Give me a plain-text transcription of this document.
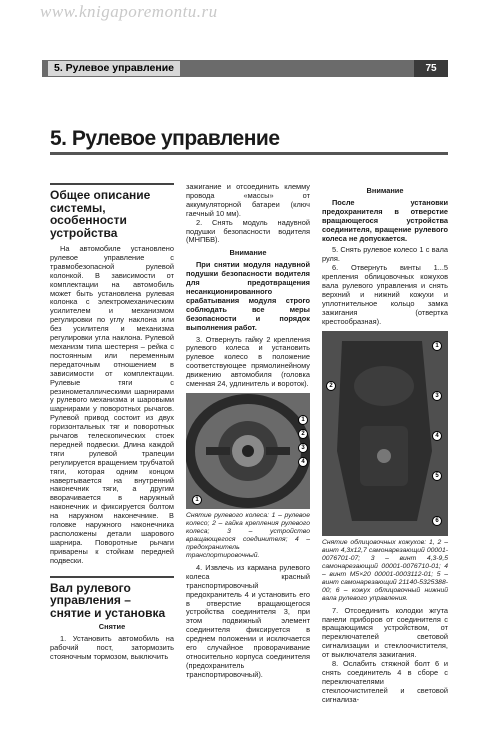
www.knigaporemontu.ru
5. Рулевое управление	75
5. Рулевое управление
Общее описание системы, особенности устройства

На автомобиле установлено рулевое управление с травмобезопасной рулевой колонкой. В зависимости от комплектации на автомобиль может быть установлена рулевая колонка с электромеханическим усилителем и механизмом регулировки по углу наклона или без усилителя и механизма регулировки угла наклона. Рулевой механизм типа шестерня – рейка с постоянным или переменным передаточным отношением в зависимости от комплектации. Рулевые тяги с резинометаллическими шарнирами у рулевого механизма и шаровыми шарнирами у поворотных рычагов. Рулевой привод состоит из двух горизонтальных тяг и поворотных рычагов телескопических стоек передней подвески. Длина каждой тяги рулевой трапеции регулируется вращением трубчатой тяги, которая одним концом навертывается на внутренний наконечник тяги, а другим вворачивается в наружный наконечник и фиксируется болтом на наружном наконечнике. В головке наружного наконечника расположены детали шарового шарнира. Поворотные рычаги приварены к стойкам передней подвески.

Вал рулевого управления – снятие и установка
Снятие

1. Установить автомобиль на рабочий пост, затормозить стояночным тормозом, выключить

зажигание и отсоединить клемму провода «массы» от аккумуляторной батареи (ключ гаечный 10 мм).

2. Снять модуль надувной подушки безопасности водителя (МНПБВ).

Внимание

При снятии модуля надувной подушки безопасности водителя для предотвращения несанкционированного срабатывания модуля строго соблюдать все меры безопасности и порядок выполнения работ.

3. Отвернуть гайку 2 крепления рулевого колеса и установить рулевое колесо в положение соответствующее прямолинейному движению автомобиля (головка сменная 24, удлинитель и вороток).

1
2
3
4
1

Снятие рулевого колеса: 1 – рулевое колесо; 2 – гайка крепления рулевого колеса; 3 – устройство вращающегося соединителя; 4 – предохранитель транспортировочный.

4. Извлечь из кармана рулевого колеса красный транспортировочный предохранитель 4 и установить его в отверстие вращающегося устройства соединителя 3, при этом подвижный элемент соединителя фиксируется в среднем положении и исключается его случайное проворачивание относительно корпуса соединителя (предохранитель транспортировочный).

Внимание

После установки предохранителя в отверстие вращающегося устройства соединителя, вращение рулевого колеса не допускается.

5. Снять рулевое колесо 1 с вала руля.

6. Отвернуть винты 1...5 крепления облицовочных кожухов вала рулевого управления и снять верхний и нижний кожухи и уплотнительное кольцо замка зажигания (отвертка крестообразная).

1
2
3
4
5
6

Снятие облицовочных кожухов: 1, 2 – винт 4,3х12,7 самонарезающий 00001-0076701-07; 3 – винт 4,3-9,5 самонарезающий 00001-0076710-01; 4 – винт М5×20 00001-0003112-01; 5 – винт самонарезающий 21140-5325388-00; 6 – кожух облицовочный нижний вала рулевого управления.

7. Отсоединить колодки жгута панели приборов от соединителя с вращающимся устройством, от переключателей световой сигнализации и стеклоочистителя, от выключателя зажигания.

8. Ослабить стяжной болт 6 и снять соединитель 4 в сборе с переключателями стеклоочистителей и световой сигнализа-
